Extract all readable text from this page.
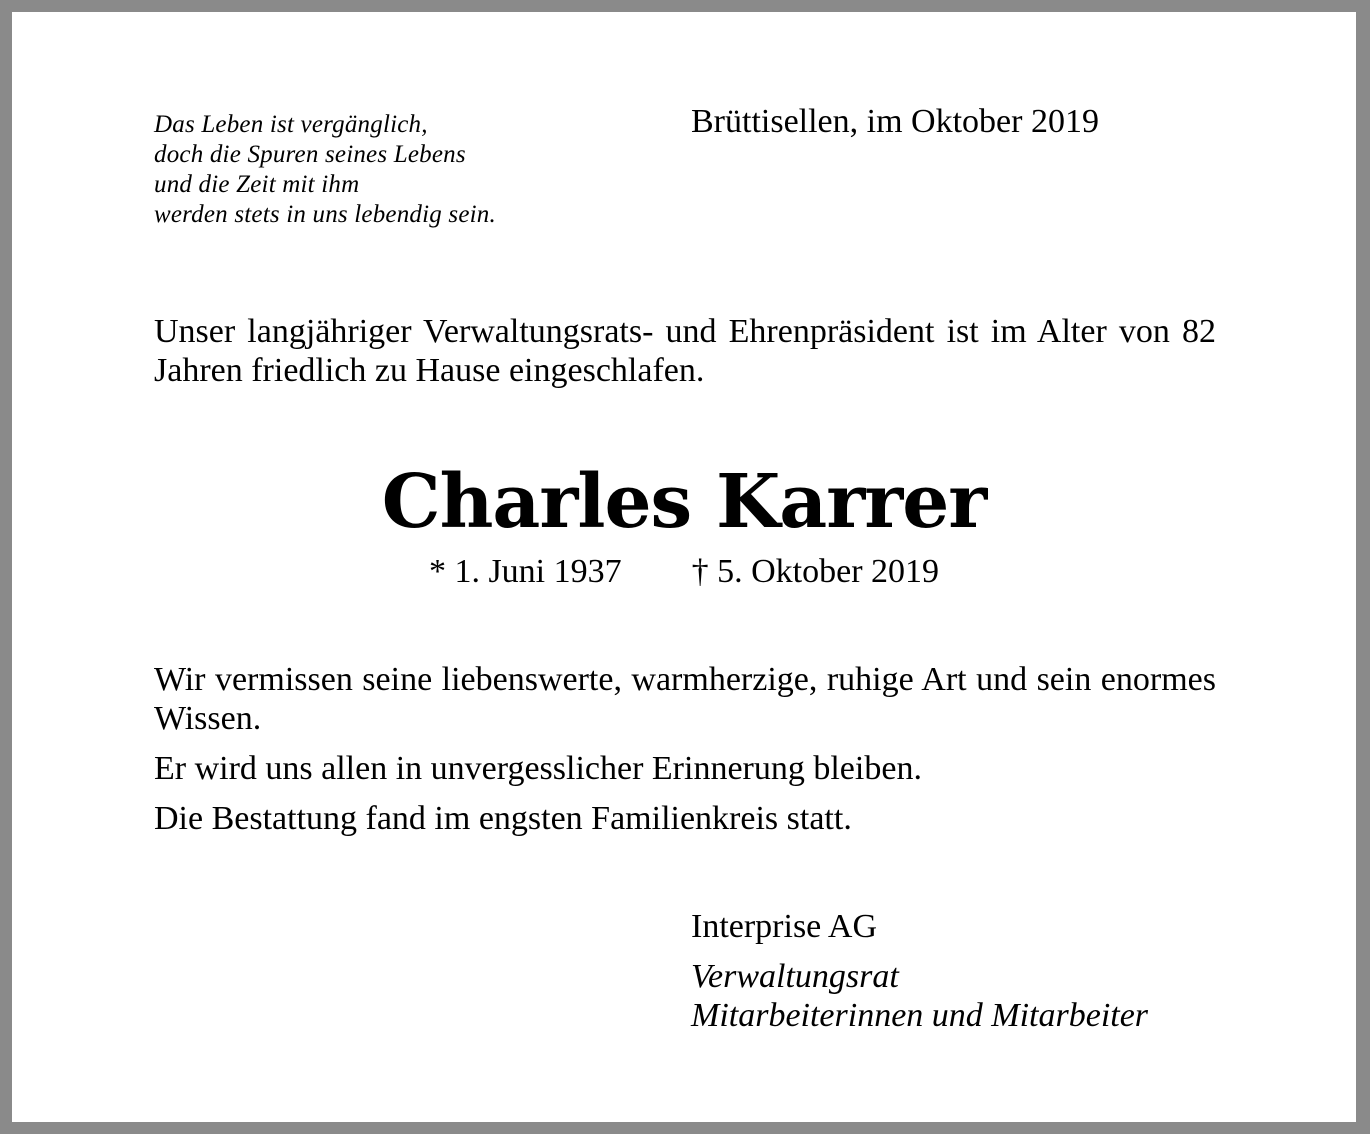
Das Leben ist vergänglich,
doch die Spuren seines Lebens
und die Zeit mit ihm
werden stets in uns lebendig sein.
Brüttisellen, im Oktober 2019
Unser langjähriger Verwaltungsrats- und Ehrenpräsident ist im Alter von 82 Jahren friedlich zu Hause eingeschlafen.
Charles Karrer
* 1. Juni 1937 † 5. Oktober 2019

Wir vermissen seine liebenswerte, warmherzige, ruhige Art und sein enormes Wissen.

Er wird uns allen in unvergesslicher Erinnerung bleiben.

Die Bestattung fand im engsten Familienkreis statt.

Interprise AG
Verwaltungsrat
Mitarbeiterinnen und Mitarbeiter
